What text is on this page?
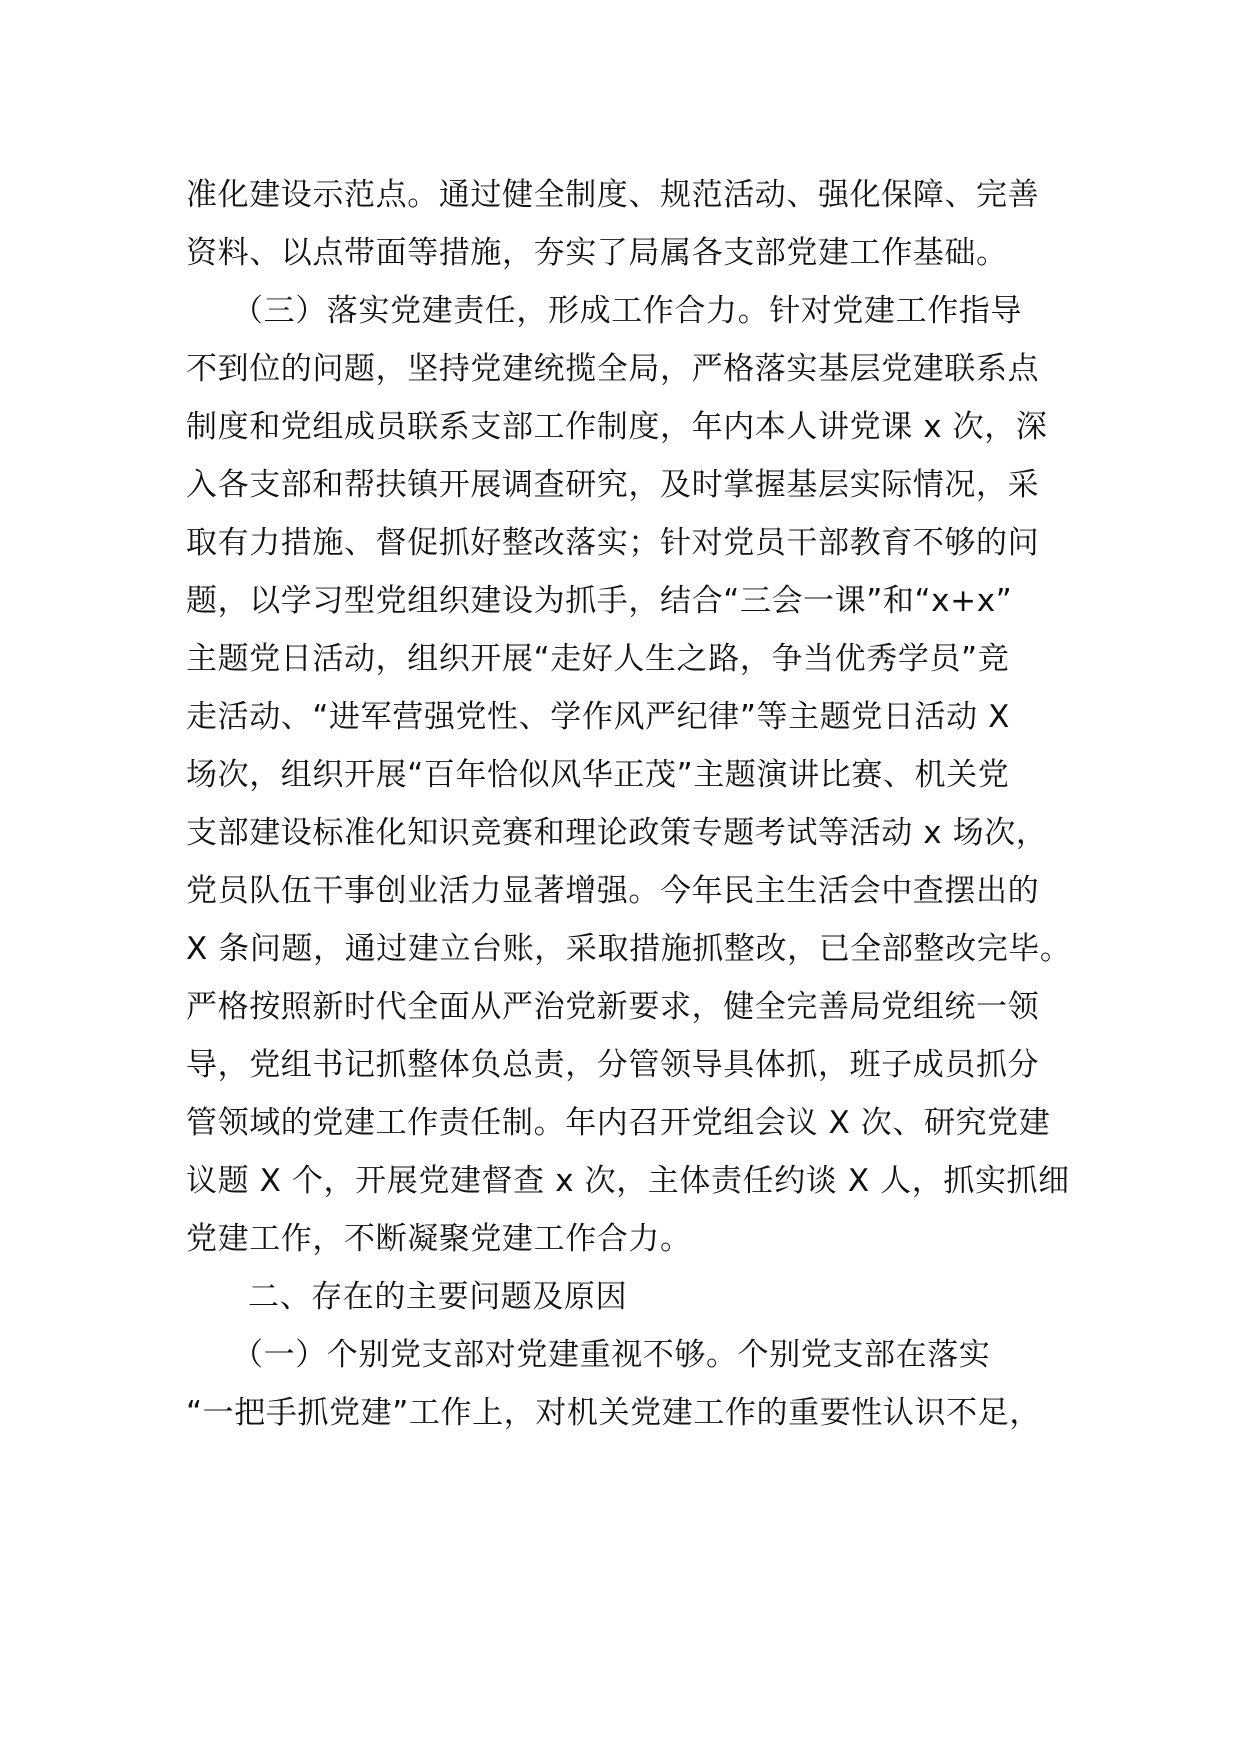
准化建设示范点。通过健全制度、规范活动、强化保障、完善
资料、以点带面等措施，夯实了局属各支部党建工作基础。
（三）落实党建责任，形成工作合力。针对党建工作指导
不到位的问题，坚持党建统揽全局，严格落实基层党建联系点
制度和党组成员联系支部工作制度，年内本人讲党课 x 次，深
入各支部和帮扶镇开展调查研究，及时掌握基层实际情况，采
取有力措施、督促抓好整改落实；针对党员干部教育不够的问
题，以学习型党组织建设为抓手，结合“三会一课”和“x+x”
主题党日活动，组织开展“走好人生之路，争当优秀学员”竞
走活动、“进军营强党性、学作风严纪律”等主题党日活动 X
场次，组织开展“百年恰似风华正茂”主题演讲比赛、机关党
支部建设标准化知识竞赛和理论政策专题考试等活动 x 场次，
党员队伍干事创业活力显著增强。今年民主生活会中查摆出的
X 条问题，通过建立台账，采取措施抓整改，已全部整改完毕。
严格按照新时代全面从严治党新要求，健全完善局党组统一领
导，党组书记抓整体负总责，分管领导具体抓，班子成员抓分
管领域的党建工作责任制。年内召开党组会议 X 次、研究党建
议题 X 个，开展党建督查 x 次，主体责任约谈 X 人，抓实抓细
党建工作，不断凝聚党建工作合力。
二、存在的主要问题及原因
（一）个别党支部对党建重视不够。个别党支部在落实
“一把手抓党建”工作上，对机关党建工作的重要性认识不足，
